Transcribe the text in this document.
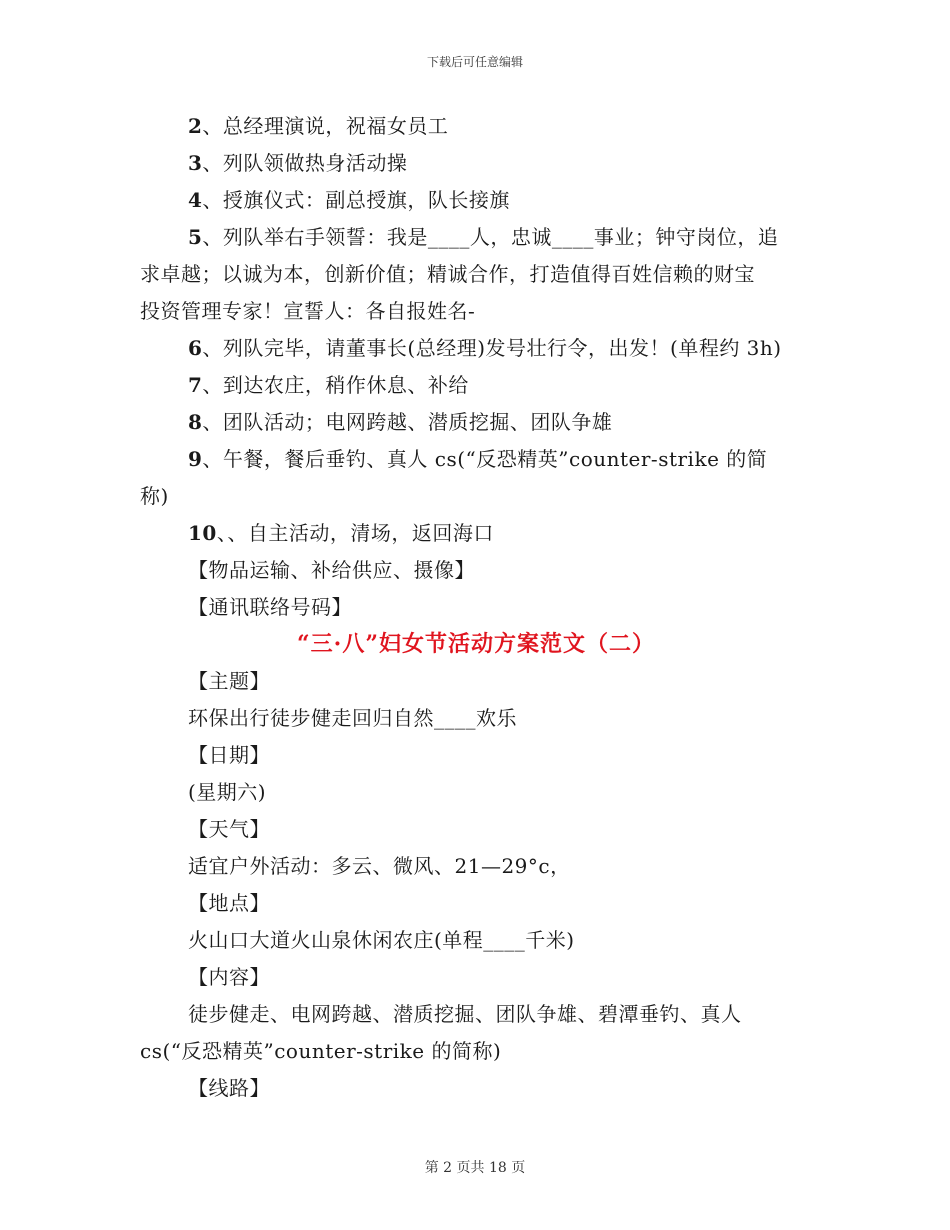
下载后可任意编辑
2、总经理演说，祝福女员工
3、列队领做热身活动操
4、授旗仪式：副总授旗，队长接旗
5、列队举右手领誓：我是____人，忠诚____事业；钟守岗位，追
求卓越；以诚为本，创新价值；精诚合作，打造值得百姓信赖的财宝
投资管理专家！宣誓人：各自报姓名-
6、列队完毕，请董事长(总经理)发号壮行令，出发！(单程约 3h)
7、到达农庄，稍作休息、补给
8、团队活动；电网跨越、潜质挖掘、团队争雄
9、午餐，餐后垂钓、真人 cs(“反恐精英”counter-strike 的简
称)
10、、自主活动，清场，返回海口
【物品运输、补给供应、摄像】
【通讯联络号码】
“三·八”妇女节活动方案范文（二）
【主题】
环保出行徒步健走回归自然____欢乐
【日期】
(星期六)
【天气】
适宜户外活动：多云、微风、21—29°c，
【地点】
火山口大道火山泉休闲农庄(单程____千米)
【内容】
徒步健走、电网跨越、潜质挖掘、团队争雄、碧潭垂钓、真人
cs(“反恐精英”counter-strike 的简称)
【线路】
第 2 页共 18 页
